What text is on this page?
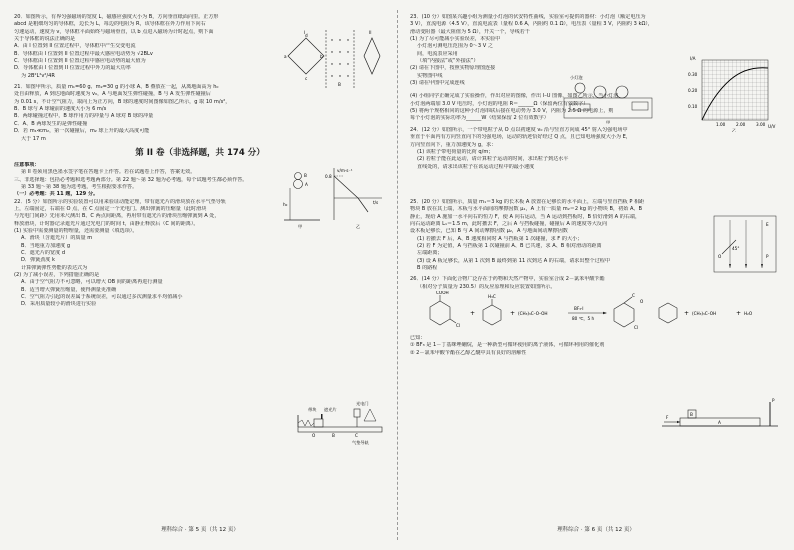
20．如图所示，有界匀强磁场的宽度 L，磁感应强度大小为 B，方向垂直纸面向里。正方形

abcd 是粗细均匀的导体框，边长为 L，每边的电阻为 R，该导体框在外力作用下向右

匀速运动，速度为 v，导体框平面始终与磁场垂直，以 b 点进入磁场为计时起点，则下面

关于导体框的说法正确的是

A．由 I 位置到 II 位置过程中，导体框中产生交变电流

B．导体框由 I 位置到 II 位置过程中最大感应电动势为 √2BLv

C．导体框由 I 位置到 II 位置过程中感应电动势的最大值为

D．导体框由 I 位置到 II 位置过程中外力的最大功率

为 2B²L²v²/4R

I	II
B
a	b
c
d

21．如图甲所示，质量 m₁=60 g、m₂=30 g 的小球 A、B 叠放在一起，从离地面高为 h₀

处自由释放，A 到达地面时速度为 v₀，A 与地面发生弹性碰撞，B 与 A 发生弹性碰撞后

为 0.01 s，不计空气阻力，取向上为正方向，B 球的速度时间图像如图乙所示，g 取 10 m/s²，

B．B 球与 A 球碰前的速度大小为 6 m/s

B．两球碰撞过程中，B 球作用力的冲量与 A 球对 B 球的冲量

C．A、B 两球发生的是弹性碰撞

D．若 m₁≪m₂，第一次碰撞后，m₂ 球上升的最大高度可能

大于 17 m

B
A
h₀
甲
v/m·s⁻¹
t/s
0.8
乙
第 II 卷（非选择题，共 174 分）

注意事项：

第 II 卷须用黑色墨水签字笔在答题卡上作答。若在试题卷上作答，答案无效。

三、非选择题：包括必考题和选考题两部分。第 22 题～第 32 题为必考题，每个试题考生都必须作答。

第 33 题～第 38 题为选考题，考生根据要求作答。

（一）必考题：共 11 题，129 分。

22．(5 分）如图所示的实验装置可以用来验证动能定理，带有遮光片的滑块放在水平气垫导轨

上，左端固定，右端在 O 点，在 C 点固定一个光电门。测出弹簧的压缩量（此时滑块

与光电门间距）先用米尺测出 B、C 两点间距离，再用带有遮光片的滑块压缩弹簧到 A 处，

释放滑块，计时器记录遮光片通过光电门的时间 t，由静止释放后（C 间的距离）。

(1) 实验中需要测量的物理量，还需要测量（填选项）。

A．滑块（含遮光片）的质量 m

B．当地重力加速度 g

C．遮光片的宽度 d

D．弹簧劲度 k

计算弹簧弹性势能的表达式为

(2) 为了减小误差，下列措施正确的是

A．由于空气阻力不可忽略，可以增大 OB 间的距离再进行测量

B．适当增大弹簧压缩量，使得测量更准确

C．空气阻力引起的误差属于系统误差，可以通过多次测量求平均值减小

D．采用质量较小的滑块进行实验

带块 遮光片
光电门
O	B	C
气垫导轨
理科综合 · 第 5 页（共 12 页）

23．(10 分）如图某兴趣小组为测量小灯泡的伏安特性曲线，实验室可提供的器材：小灯泡（额定电压为

3 V），直流电源（4.5 V），直流电流表（量程 0.6 A，内阻约 0.1 Ω），电压表（量程 3 V，内阻约 3 kΩ），

滑动变阻器（最大阻值为 5 Ω），开关一个，导线若干

(1) 为了尽可能减小实验误差，本实验中

小灯泡可测电压范围为 0～3 V 之

间，电流表应采用

（填“内接法”或“外接法”）

(2) 请在下图中，按照实物原理图连接

实物图中线

(3) 请在甲图中完成连线

(4) 小组同学正确完成了实验操作，作出对应的图像，作出 I–U 图像，如图乙所示，当小灯泡

小灯泡两端加 3.0 V 电压时，小灯泡的电阻 R＝______Ω（保留两位有效数字）

(5) 将两个规格相同的这种小灯泡串联后接在电动势为 3.0 V，内阻为 2.5 Ω 的电源上，则

每个小灯泡的实际功率为______W（结果保留 2 位有效数字）

小灯泡
甲
I/A
U/V
0.30
0.20
0.10
1.00	2.00	3.00
乙

24．(12 分）如图所示，一个带电粒子从 O 点以初速度 v₀ 沿与竖直方向成 45° 射入匀强电场中

垂直于平面内有方向竖直向下的匀强电场，运动的轨迹恰好经过 Q 点，且已知电场强度大小为 E，

方向竖直向下，重力加速度为 g，求：

(1) 该粒子带电荷量的比荷 q/m；

(2) 若粒子能在此运动，请计算粒子运动的时间，求出粒子到达水平

直线处的，请求出该粒子在该运动过程中的最小速度

O	P
E
45°

25．(20 分）如图所示，质量 m₁＝3 kg 的长木板 A 放置在足够长的水平面上，左端与竖直挡板 P 相距

物块 B 放在其上端，木板与水平面间的摩擦因数 μ₁，A 上有一质量 m₂＝2 kg 的小物块 B，初始 A、B

静止，现给 A 施加一水平向右的恒力 F，使 A 向右运动，当 A 运动到挡板时，B 恰好滑到 A 的右端，

向右运动距离 L₁＝1.5 m，此时撤去 F，之后 A 与挡板碰撞，碰撞后 A 的速度等大反向

设木板足够长，已知 B 与 A 间动摩擦因数 μ₂，A 与地面间动摩擦因数

(1) 若撤去 F 后，A、B 速度相同时 A 与挡板第 1 次碰撞，求 F 的大小；

(2) 若 F 为定值，A 与挡板第 1 次碰撞前 A、B 已共速，求 A、B 相对滑动的距离

左端距离；

(3) 设 A 板足够长，从第 1 次到 B 最终到第 11 次到达 A 的右端，请求出整个过程中

B 的路程

F
A
B
P

26．(14 分）下面化合物广泛存在于药物和天然产物中，实验室合成 2－氯苯甲酸苄酯

（相对分子质量为 230.5）的反应原理和反应装置如图所示。

COOH
Cl
+
H₃C
+ (CH₃)₃C–O–OH
BF₃·I
80 ℃，5 h
C
O
Cl
+ (CH₃)₃C–OH	+ H₂O

已知：

① BF₃ 是 1－丁基咪唑硼烷，是一种新型可循环使用的离子液体，可循环利用的催化剂

② 2－氯苯甲酸苄酯在乙醇乙醚中具有良好的溶解性

理科综合 · 第 6 页（共 12 页）
